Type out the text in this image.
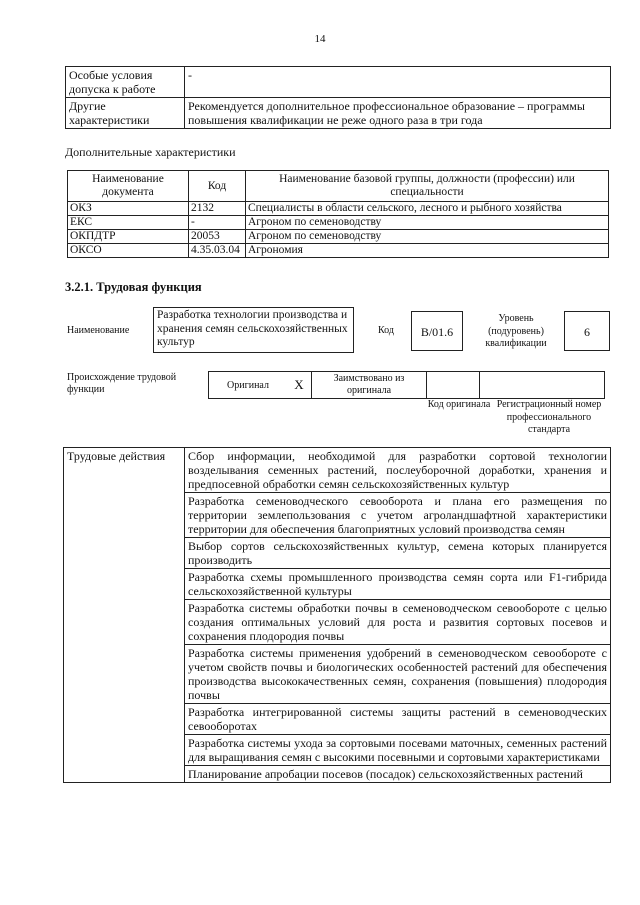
14
Особые условия допуска к работе	-
Другие характеристики	Рекомендуется дополнительное профессиональное образование – программы повышения квалификации не реже одного раза в три года
Дополнительные характеристики
Наименование документа	Код	Наименование базовой группы, должности (профессии) или специальности
ОКЗ	2132	Специалисты в области сельского, лесного и рыбного хозяйства
ЕКС	-	Агроном по семеноводству
ОКПДТР	20053	Агроном по семеноводству
ОКСО	4.35.03.04	Агрономия
3.2.1. Трудовая функция
Наименование
Разработка технологии производства и хранения семян сельскохозяйственных культур
Код	B/01.6
Уровень (подуровень) квалификации
6
Происхождение трудовой функции	Оригинал	X	Заимствовано из оригинала		
Код оригинала Регистрационный номер профессионального стандарта
Трудовые действия	Сбор информации, необходимой для разработки сортовой технологии возделывания семенных растений, послеуборочной доработки, хранения и предпосевной обработки семян сельскохозяйственных культур
Разработка семеноводческого севооборота и плана его размещения по территории землепользования с учетом агроландшафтной характеристики территории для обеспечения благоприятных условий производства семян
Выбор сортов сельскохозяйственных культур, семена которых планируется производить
Разработка схемы промышленного производства семян сорта или F1-гибрида сельскохозяйственной культуры
Разработка системы обработки почвы в семеноводческом севообороте с целью создания оптимальных условий для роста и развития сортовых посевов и сохранения плодородия почвы
Разработка системы применения удобрений в семеноводческом севообороте с учетом свойств почвы и биологических особенностей растений для обеспечения производства высококачественных семян, сохранения (повышения) плодородия почвы
Разработка интегрированной системы защиты растений в семеноводческих севооборотах
Разработка системы ухода за сортовыми посевами маточных, семенных растений для выращивания семян с высокими посевными и сортовыми характеристиками
Планирование апробации посевов (посадок) сельскохозяйственных растений
